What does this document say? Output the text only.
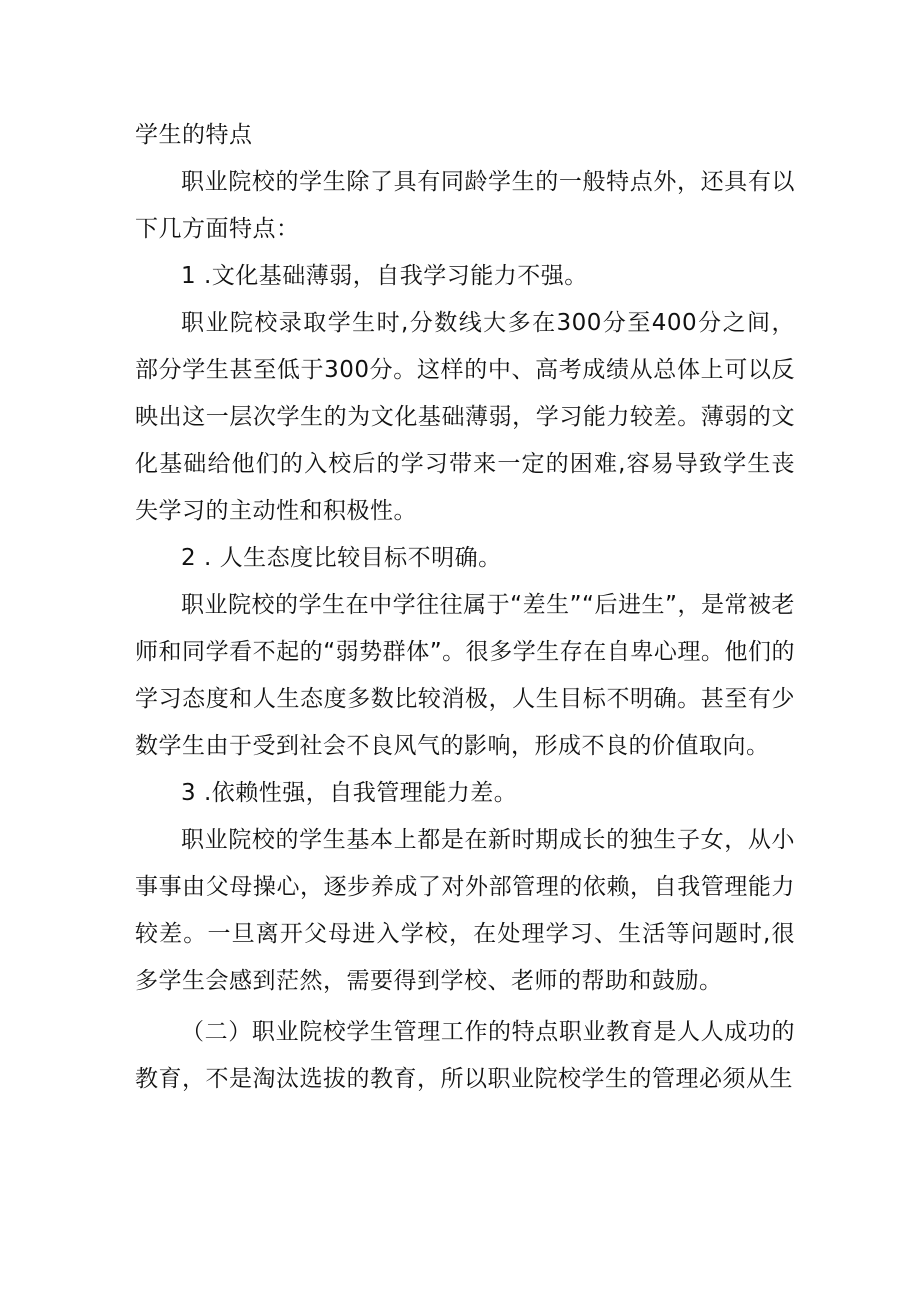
学生的特点

职业院校的学生除了具有同龄学生的一般特点外，还具有以下几方面特点：

1 .文化基础薄弱，自我学习能力不强。

职业院校录取学生时,分数线大多在300分至400分之间，部分学生甚至低于300分。这样的中、高考成绩从总体上可以反映出这一层次学生的为文化基础薄弱，学习能力较差。薄弱的文化基础给他们的入校后的学习带来一定的困难,容易导致学生丧失学习的主动性和积极性。

2 . 人生态度比较目标不明确。

职业院校的学生在中学往往属于“差生”“后进生”，是常被老师和同学看不起的“弱势群体”。很多学生存在自卑心理。他们的学习态度和人生态度多数比较消极，人生目标不明确。甚至有少数学生由于受到社会不良风气的影响，形成不良的价值取向。

3 .依赖性强，自我管理能力差。

职业院校的学生基本上都是在新时期成长的独生子女，从小事事由父母操心，逐步养成了对外部管理的依赖，自我管理能力较差。一旦离开父母进入学校，在处理学习、生活等问题时,很多学生会感到茫然，需要得到学校、老师的帮助和鼓励。

（二）职业院校学生管理工作的特点职业教育是人人成功的教育，不是淘汰选拔的教育，所以职业院校学生的管理必须从生
